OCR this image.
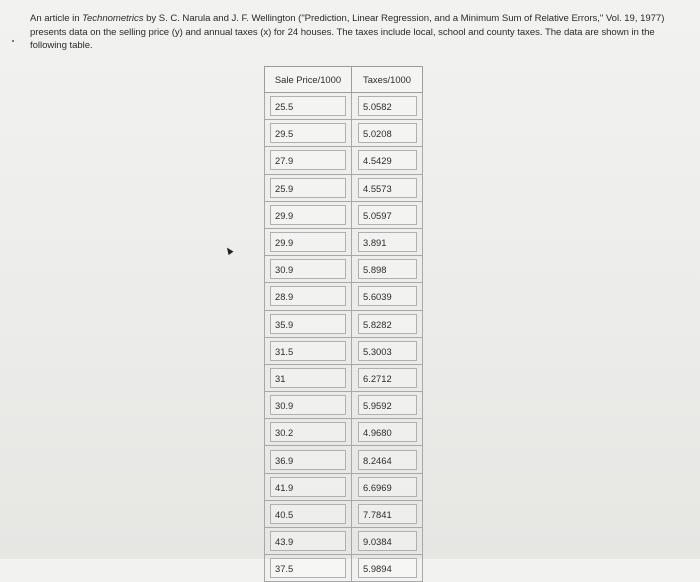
An article in Technometrics by S. C. Narula and J. F. Wellington ("Prediction, Linear Regression, and a Minimum Sum of Relative Errors," Vol. 19, 1977) presents data on the selling price (y) and annual taxes (x) for 24 houses. The taxes include local, school and county taxes. The data are shown in the following table.
Sale Price/1000	Taxes/1000
25.5	5.0582
29.5	5.0208
27.9	4.5429
25.9	4.5573
29.9	5.0597
29.9	3.891
30.9	5.898
28.9	5.6039
35.9	5.8282
31.5	5.3003
31	6.2712
30.9	5.9592
30.2	4.9680
36.9	8.2464
41.9	6.6969
40.5	7.7841
43.9	9.0384
37.5	5.9894
